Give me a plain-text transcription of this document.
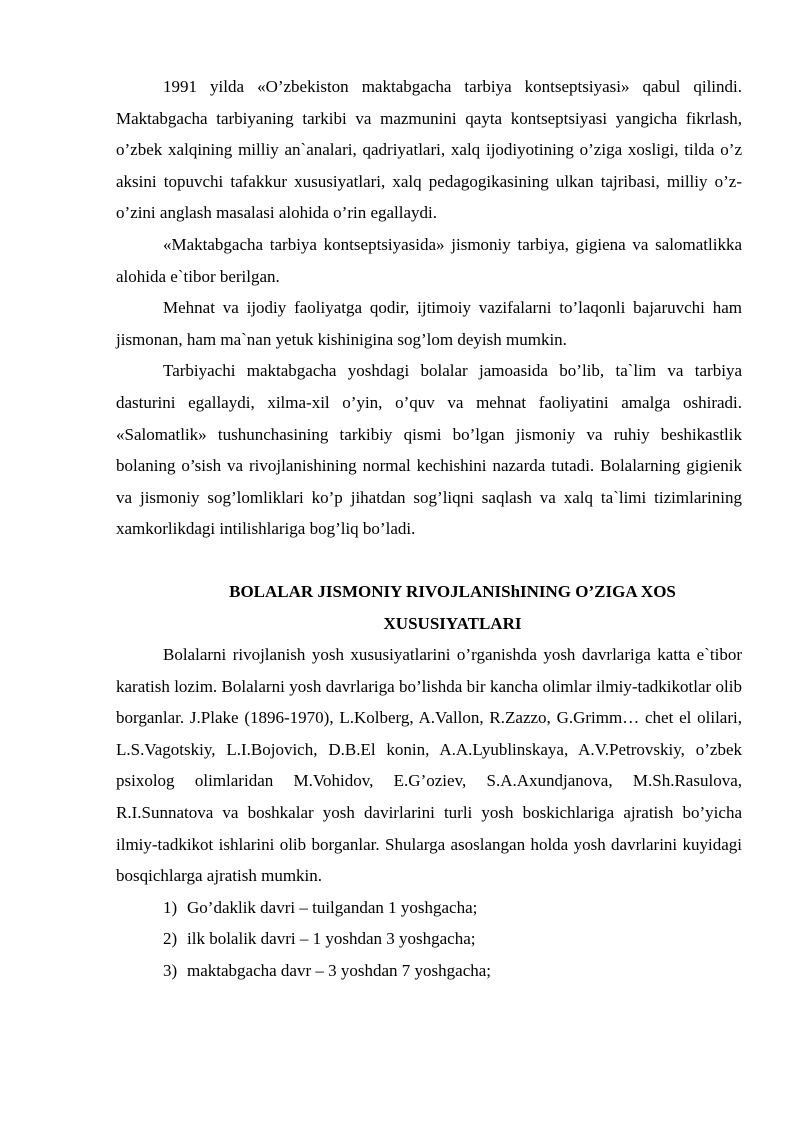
1991 yilda «O’zbekiston maktabgacha tarbiya kontseptsiyasi» qabul qilindi. Maktabgacha tarbiyaning tarkibi va mazmunini qayta kontseptsiyasi yangicha fikrlash, o’zbek xalqining milliy an`analari, qadriyatlari, xalq ijodiyotining o’ziga xosligi, tilda o’z aksini topuvchi tafakkur xususiyatlari, xalq pedagogikasining ulkan tajribasi, milliy o’z-o’zini anglash masalasi alohida o’rin egallaydi.

«Maktabgacha tarbiya kontseptsiyasida» jismoniy tarbiya, gigiena va salomatlikka alohida e`tibor berilgan.

Mehnat va ijodiy faoliyatga qodir, ijtimoiy vazifalarni to’laqonli bajaruvchi ham jismonan, ham ma`nan yetuk kishinigina sog’lom deyish mumkin.

Tarbiyachi maktabgacha yoshdagi bolalar jamoasida bo’lib, ta`lim va tarbiya dasturini egallaydi, xilma-xil o’yin, o’quv va mehnat faoliyatini amalga oshiradi. «Salomatlik» tushunchasining tarkibiy qismi bo’lgan jismoniy va ruhiy beshikastlik bolaning o’sish va rivojlanishining normal kechishini nazarda tutadi. Bolalarning gigienik va jismoniy sog’lomliklari ko’p jihatdan sog’liqni saqlash va xalq ta`limi tizimlarining xamkorlikdagi intilishlariga bog’liq bo’ladi.

BOLALAR JISMONIY RIVOJLANIShINING O’ZIGA XOS

XUSUSIYATLARI

Bolalarni rivojlanish yosh xususiyatlarini o’rganishda yosh davrlariga katta e`tibor karatish lozim. Bolalarni yosh davrlariga bo’lishda bir kancha olimlar ilmiy-tadkikotlar olib borganlar. J.Plake (1896-1970), L.Kolberg, A.Vallon, R.Zazzo, G.Grimm… chet el olilari, L.S.Vagotskiy, L.I.Bojovich, D.B.El konin, A.A.Lyublinskaya, A.V.Petrovskiy, o’zbek psixolog olimlaridan M.Vohidov, E.G’oziev, S.A.Axundjanova, M.Sh.Rasulova, R.I.Sunnatova va boshkalar yosh davirlarini turli yosh boskichlariga ajratish bo’yicha ilmiy-tadkikot ishlarini olib borganlar. Shularga asoslangan holda yosh davrlarini kuyidagi bosqichlarga ajratish mumkin.

1) Go’daklik davri – tuilgandan 1 yoshgacha;
2) ilk bolalik davri – 1 yoshdan 3 yoshgacha;
3) maktabgacha davr – 3 yoshdan 7 yoshgacha;
